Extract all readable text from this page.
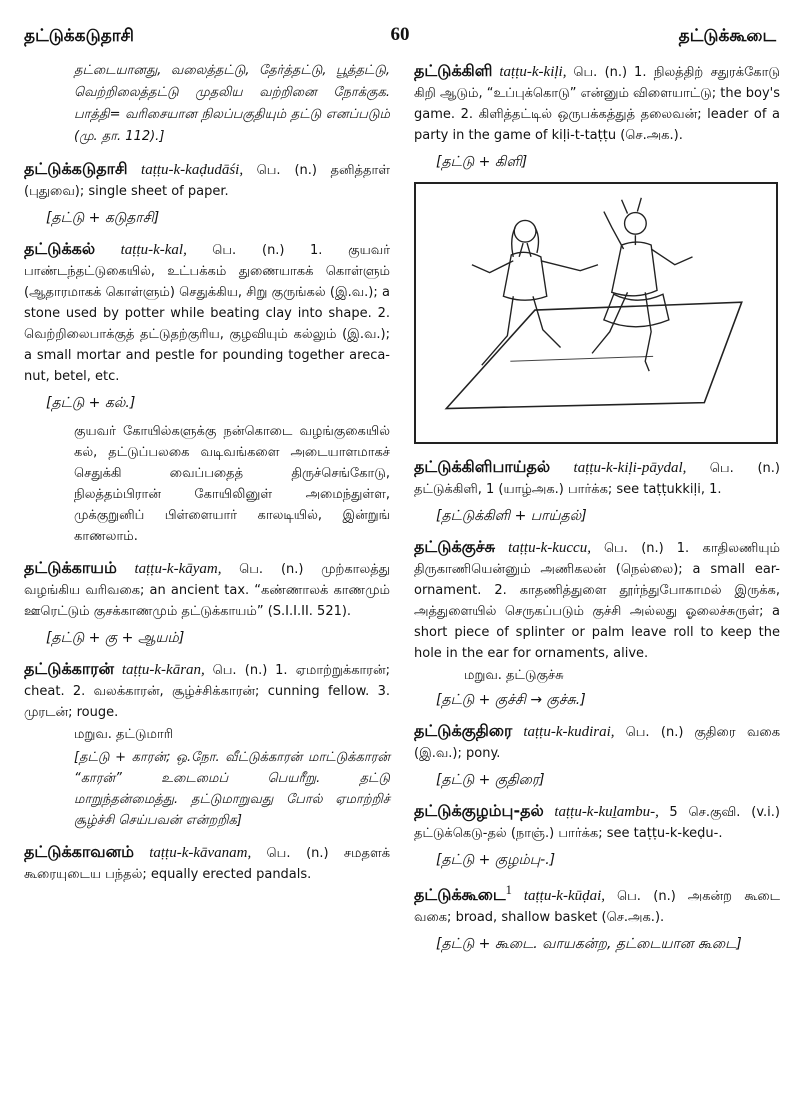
தட்டுக்கடுதாசி	60	தட்டுக்கூடை

தட்டையானது, வலைத்தட்டு, தேர்த்தட்டு, பூத்தட்டு, வெற்றிலைத்தட்டு முதலிய வற்றினை நோக்குக. பாத்தி= வரிசையான நிலப்பகுதியும் தட்டு எனப்படும் (மு. தா. 112).]

தட்டுக்கடுதாசி taṭṭu-k-kaḍudāśi, பெ. (n.) தனித்தாள் (புதுவை); single sheet of paper.

[தட்டு + கடுதாசி]

தட்டுக்கல் taṭṭu-k-kal, பெ. (n.) 1. குயவர் பாண்டந்தட்டுகையில், உட்பக்கம் துணையாகக் கொள்ளும் (ஆதாரமாகக் கொள்ளும்) செதுக்கிய, சிறு குருங்கல் (இ.வ.); a stone used by potter while beating clay into shape. 2. வெற்றிலைபாக்குத் தட்டுதற்குரிய, குழவியும் கல்லும் (இ.வ.); a small mortar and pestle for pounding together areca-nut, betel, etc.

[தட்டு + கல்.]

குயவர் கோயில்களுக்கு நன்கொடை வழங்குகையில் கல், தட்டுப்பலகை வடிவங்களை அடையாளமாகச் செதுக்கி வைப்பதைத் திருச்செங்கோடு, நிலத்தம்பிரான் கோயிலினுள் அமைந்துள்ள, முக்குறுனிப் பிள்ளையார் காலடியில், இன்றுங் காணலாம்.

தட்டுக்காயம் taṭṭu-k-kāyam, பெ. (n.) முற்காலத்து வழங்கிய வரிவகை; an ancient tax. “கண்ணாலக் காணமும் ஊரெட்டும் குசக்காணமும் தட்டுக்காயம்” (S.I.I.II. 521).

[தட்டு + கு + ஆயம்]

தட்டுக்காரன் taṭṭu-k-kāran, பெ. (n.) 1. ஏமாற்றுக்காரன்; cheat. 2. வலக்காரன், சூழ்ச்சிக்காரன்; cunning fellow. 3. முரடன்; rouge.

மறுவ. தட்டுமாரி

[தட்டு + காரன்; ஒ.நோ. வீட்டுக்காரன் மாட்டுக்காரன் “காரன்” உடைமைப் பெயரீறு. தட்டு மாறுந்தன்மைத்து. தட்டுமாறுவது போல் ஏமாற்றிச் சூழ்ச்சி செய்பவன் என்றறிக]

தட்டுக்காவனம் taṭṭu-k-kāvanam, பெ. (n.) சமதளக் கூரையுடைய பந்தல்; equally erected pandals.

தட்டுக்கிளி taṭṭu-k-kiḷi, பெ. (n.) 1. நிலத்திற் சதுரக்கோடு கிறி ஆடும், “உப்புக்கொடு” என்னும் விளையாட்டு; the boy's game. 2. கிளித்தட்டில் ஒருபக்கத்துத் தலைவன்; leader of a party in the game of kiḷi-t-taṭṭu (செ.அக.).

[தட்டு + கிளி]

தட்டுக்கிளிபாய்தல் taṭṭu-k-kiḷi-pāydal, பெ. (n.) தட்டுக்கிளி, 1 (யாழ்அக.) பார்க்க; see taṭṭukkiḷi, 1.

[தட்டுக்கிளி + பாய்தல்]

தட்டுக்குச்சு taṭṭu-k-kuccu, பெ. (n.) 1. காதிலணியும் திருகாணியென்னும் அணிகலன் (நெல்லை); a small ear-ornament. 2. காதணித்துளை தூர்ந்துபோகாமல் இருக்க, அத்துளையில் செருகப்படும் குச்சி அல்லது ஓலைச்சுருள்; a short piece of splinter or palm leave roll to keep the hole in the ear for ornaments, alive.

மறுவ. தட்டுகுச்சு

[தட்டு + குச்சி → குச்சு.]

தட்டுக்குதிரை taṭṭu-k-kudirai, பெ. (n.) குதிரை வகை (இ.வ.); pony.

[தட்டு + குதிரை]

தட்டுக்குழம்பு-தல் taṭṭu-k-kuḻambu-, 5 செ.குவி. (v.i.) தட்டுக்கெடு-தல் (நாஞ்.) பார்க்க; see taṭṭu-k-keḍu-.

[தட்டு + குழம்பு-.]

தட்டுக்கூடை$^1$ taṭṭu-k-kūḍai, பெ. (n.) அகன்ற கூடை வகை; broad, shallow basket (செ.அக.).

[தட்டு + கூடை. வாயகன்ற, தட்டையான கூடை]
